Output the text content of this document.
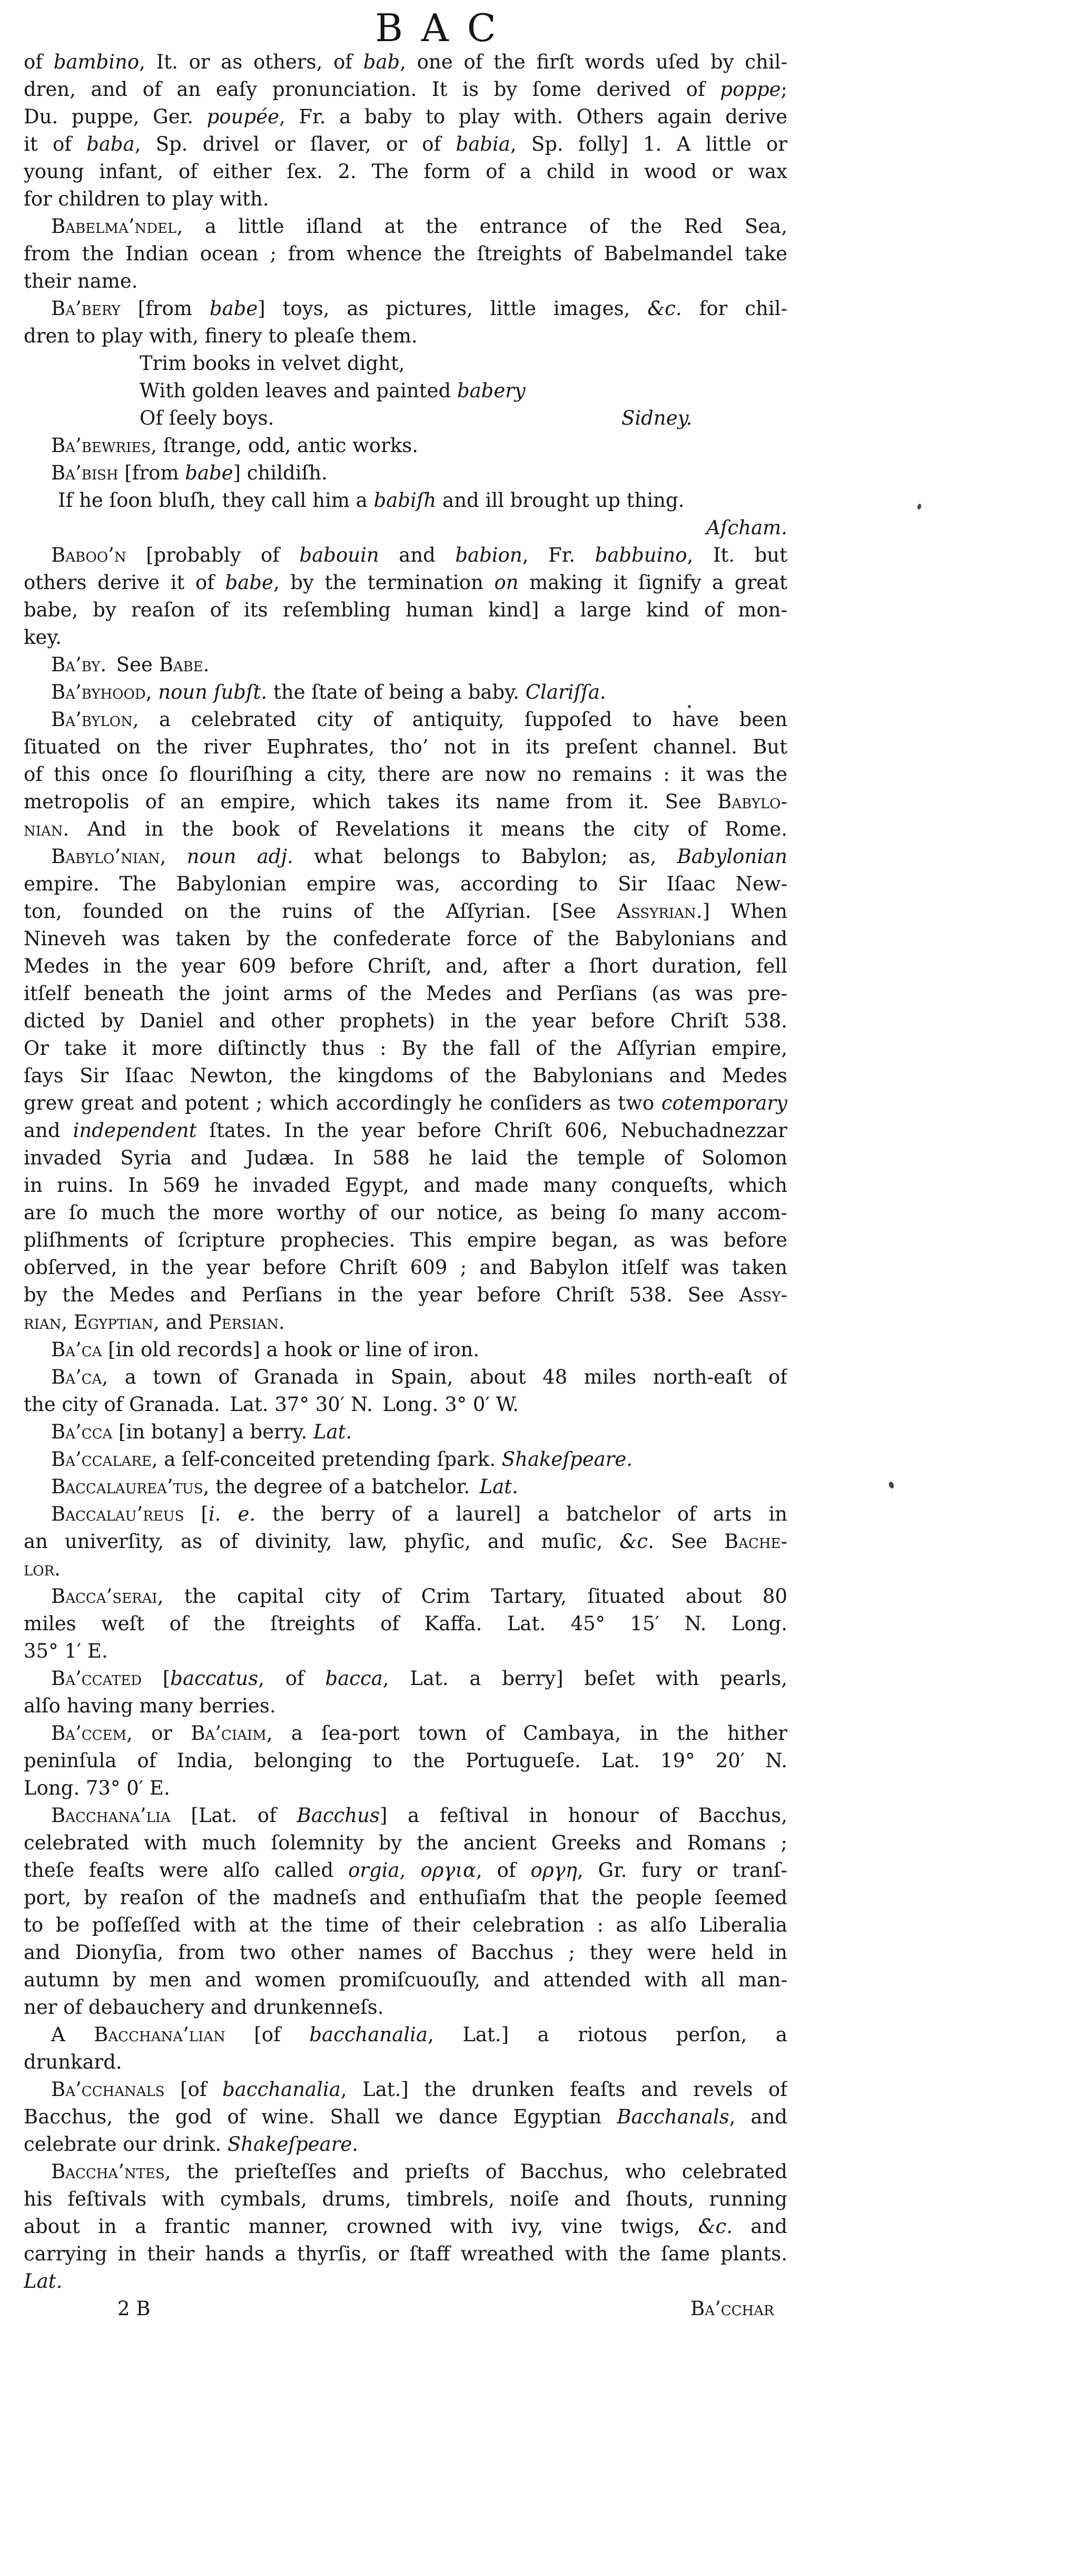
B A C
of bambino, It. or as others, of bab, one of the firſt words uſed by chil-
dren, and of an eaſy pronunciation. It is by ſome derived of poppe;
Du. puppe, Ger. poupée, Fr. a baby to play with. Others again derive
it of baba, Sp. drivel or ſlaver, or of babia, Sp. folly] 1. A little or
young infant, of either ſex. 2. The form of a child in wood or wax
for children to play with.
Babelma’ndel, a little iſland at the entrance of the Red Sea,
from the Indian ocean ; from whence the ſtreights of Babelmandel take
their name.
Ba’bery [from babe] toys, as pictures, little images, &c. for chil-
dren to play with, finery to pleaſe them.
Trim books in velvet dight,
With golden leaves and painted babery
Of ſeely boys.	Sidney.
Ba’bewries, ſtrange, odd, antic works.
Ba’bish [from babe] childiſh.
If he ſoon bluſh, they call him a babiſh and ill brought up thing.
Aſcham.
Baboo’n [probably of babouin and babion, Fr. babbuino, It. but
others derive it of babe, by the termination on making it ſignify a great
babe, by reaſon of its reſembling human kind] a large kind of mon-
key.
Ba’by. See Babe.
Ba’byhood, noun ſubſt. the ſtate of being a baby. Clariſſa.
Ba’bylon, a celebrated city of antiquity, ſuppoſed to have been
ſituated on the river Euphrates, tho’ not in its preſent channel. But
of this once ſo flouriſhing a city, there are now no remains : it was the
metropolis of an empire, which takes its name from it. See Babylo-
nian. And in the book of Revelations it means the city of Rome.
Babylo’nian, noun adj. what belongs to Babylon; as, Babylonian
empire. The Babylonian empire was, according to Sir Iſaac New-
ton, founded on the ruins of the Aſſyrian. [See Assyrian.] When
Nineveh was taken by the confederate force of the Babylonians and
Medes in the year 609 before Chriſt, and, after a ſhort duration, fell
itſelf beneath the joint arms of the Medes and Perſians (as was pre-
dicted by Daniel and other prophets) in the year before Chriſt 538.
Or take it more diſtinctly thus : By the fall of the Aſſyrian empire,
ſays Sir Iſaac Newton, the kingdoms of the Babylonians and Medes
grew great and potent ; which accordingly he conſiders as two cotemporary
and independent ſtates. In the year before Chriſt 606, Nebuchadnezzar
invaded Syria and Judæa. In 588 he laid the temple of Solomon
in ruins. In 569 he invaded Egypt, and made many conqueſts, which
are ſo much the more worthy of our notice, as being ſo many accom-
pliſhments of ſcripture prophecies. This empire began, as was before
obſerved, in the year before Chriſt 609 ; and Babylon itſelf was taken
by the Medes and Perſians in the year before Chriſt 538. See Assy-
rian, Egyptian, and Persian.
Ba’ca [in old records] a hook or line of iron.
Ba’ca, a town of Granada in Spain, about 48 miles north-eaſt of
the city of Granada. Lat. 37° 30′ N. Long. 3° 0′ W.
Ba’cca [in botany] a berry. Lat.
Ba’ccalare, a ſelf-conceited pretending ſpark. Shakeſpeare.
Baccalaurea’tus, the degree of a batchelor. Lat.
Baccalau’reus [i. e. the berry of a laurel] a batchelor of arts in
an univerſity, as of divinity, law, phyſic, and muſic, &c. See Bache-
lor.
Bacca’serai, the capital city of Crim Tartary, ſituated about 80
miles weſt of the ſtreights of Kaffa. Lat. 45° 15′ N. Long.
35° 1′ E.
Ba’ccated [baccatus, of bacca, Lat. a berry] beſet with pearls,
alſo having many berries.
Ba’ccem, or Ba’ciaim, a ſea-port town of Cambaya, in the hither
peninſula of India, belonging to the Portugueſe. Lat. 19° 20′ N.
Long. 73° 0′ E.
Bacchana’lia [Lat. of Bacchus] a feſtival in honour of Bacchus,
celebrated with much ſolemnity by the ancient Greeks and Romans ;
theſe feaſts were alſo called orgia, οργια, of οργη, Gr. fury or tranſ-
port, by reaſon of the madneſs and enthuſiaſm that the people ſeemed
to be poſſeſſed with at the time of their celebration : as alſo Liberalia
and Dionyſia, from two other names of Bacchus ; they were held in
autumn by men and women promiſcuouſly, and attended with all man-
ner of debauchery and drunkenneſs.
A Bacchana’lian [of bacchanalia, Lat.] a riotous perſon, a
drunkard.
Ba’cchanals [of bacchanalia, Lat.] the drunken feaſts and revels of
Bacchus, the god of wine. Shall we dance Egyptian Bacchanals, and
celebrate our drink. Shakeſpeare.
Baccha’ntes, the prieſteſſes and prieſts of Bacchus, who celebrated
his feſtivals with cymbals, drums, timbrels, noiſe and ſhouts, running
about in a frantic manner, crowned with ivy, vine twigs, &c. and
carrying in their hands a thyrſis, or ſtaff wreathed with the ſame plants.
Lat.
2 B	Ba’cchar
